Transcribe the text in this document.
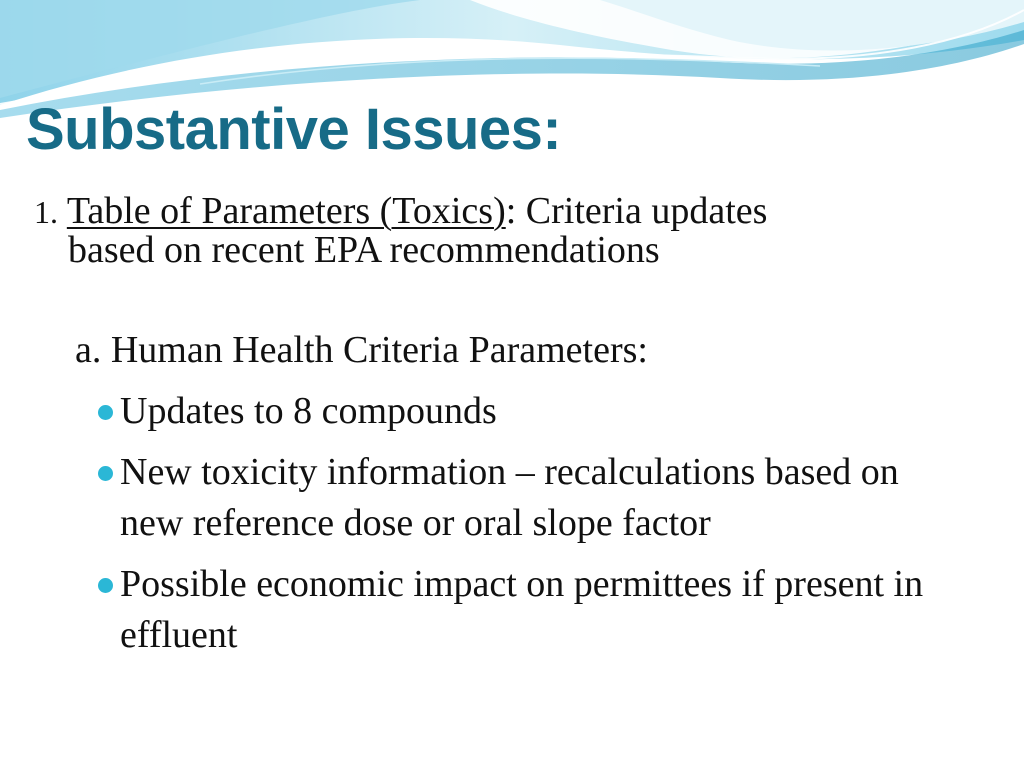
Substantive Issues:
1. Table of Parameters (Toxics): Criteria updates
based on recent EPA recommendations
a. Human Health Criteria Parameters:
Updates to 8 compounds
New toxicity information – recalculations based on new reference dose or oral slope factor
Possible economic impact on permittees if present in effluent
